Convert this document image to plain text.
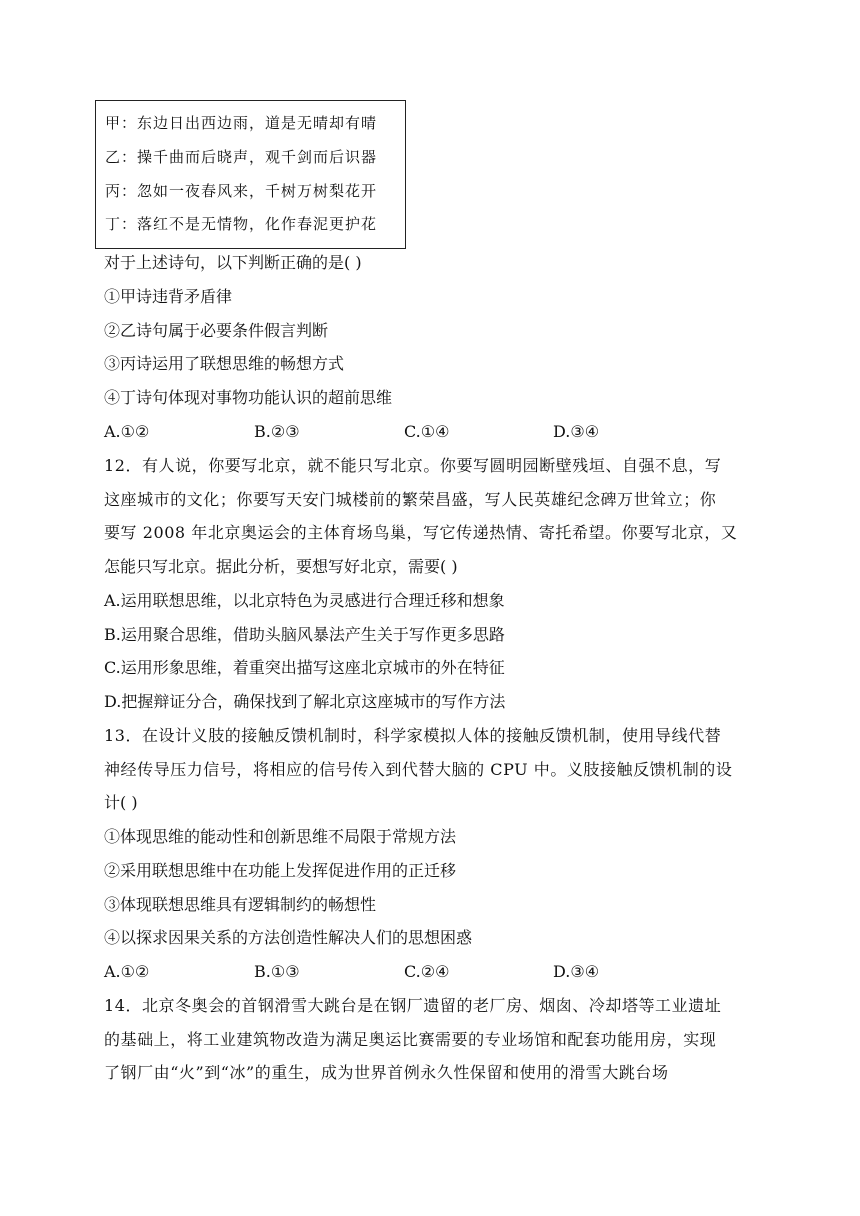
甲：东边日出西边雨，道是无晴却有晴
乙：操千曲而后晓声，观千剑而后识器
丙：忽如一夜春风来，千树万树梨花开
丁：落红不是无情物，化作春泥更护花
对于上述诗句，以下判断正确的是( )
①甲诗违背矛盾律
②乙诗句属于必要条件假言判断
③丙诗运用了联想思维的畅想方式
④丁诗句体现对事物功能认识的超前思维
A.①②	B.②③	C.①④	D.③④
12．有人说，你要写北京，就不能只写北京。你要写圆明园断壁残垣、自强不息，写
这座城市的文化；你要写天安门城楼前的繁荣昌盛，写人民英雄纪念碑万世耸立；你
要写 2008 年北京奥运会的主体育场鸟巢，写它传递热情、寄托希望。你要写北京，又
怎能只写北京。据此分析，要想写好北京，需要( )
A.运用联想思维，以北京特色为灵感进行合理迁移和想象
B.运用聚合思维，借助头脑风暴法产生关于写作更多思路
C.运用形象思维，着重突出描写这座北京城市的外在特征
D.把握辩证分合，确保找到了解北京这座城市的写作方法
13．在设计义肢的接触反馈机制时，科学家模拟人体的接触反馈机制，使用导线代替
神经传导压力信号，将相应的信号传入到代替大脑的 CPU 中。义肢接触反馈机制的设
计( )
①体现思维的能动性和创新思维不局限于常规方法
②采用联想思维中在功能上发挥促进作用的正迁移
③体现联想思维具有逻辑制约的畅想性
④以探求因果关系的方法创造性解决人们的思想困惑
A.①②	B.①③	C.②④	D.③④
14．北京冬奥会的首钢滑雪大跳台是在钢厂遗留的老厂房、烟囱、冷却塔等工业遗址
的基础上，将工业建筑物改造为满足奥运比赛需要的专业场馆和配套功能用房，实现
了钢厂由“火”到“冰”的重生，成为世界首例永久性保留和使用的滑雪大跳台场
